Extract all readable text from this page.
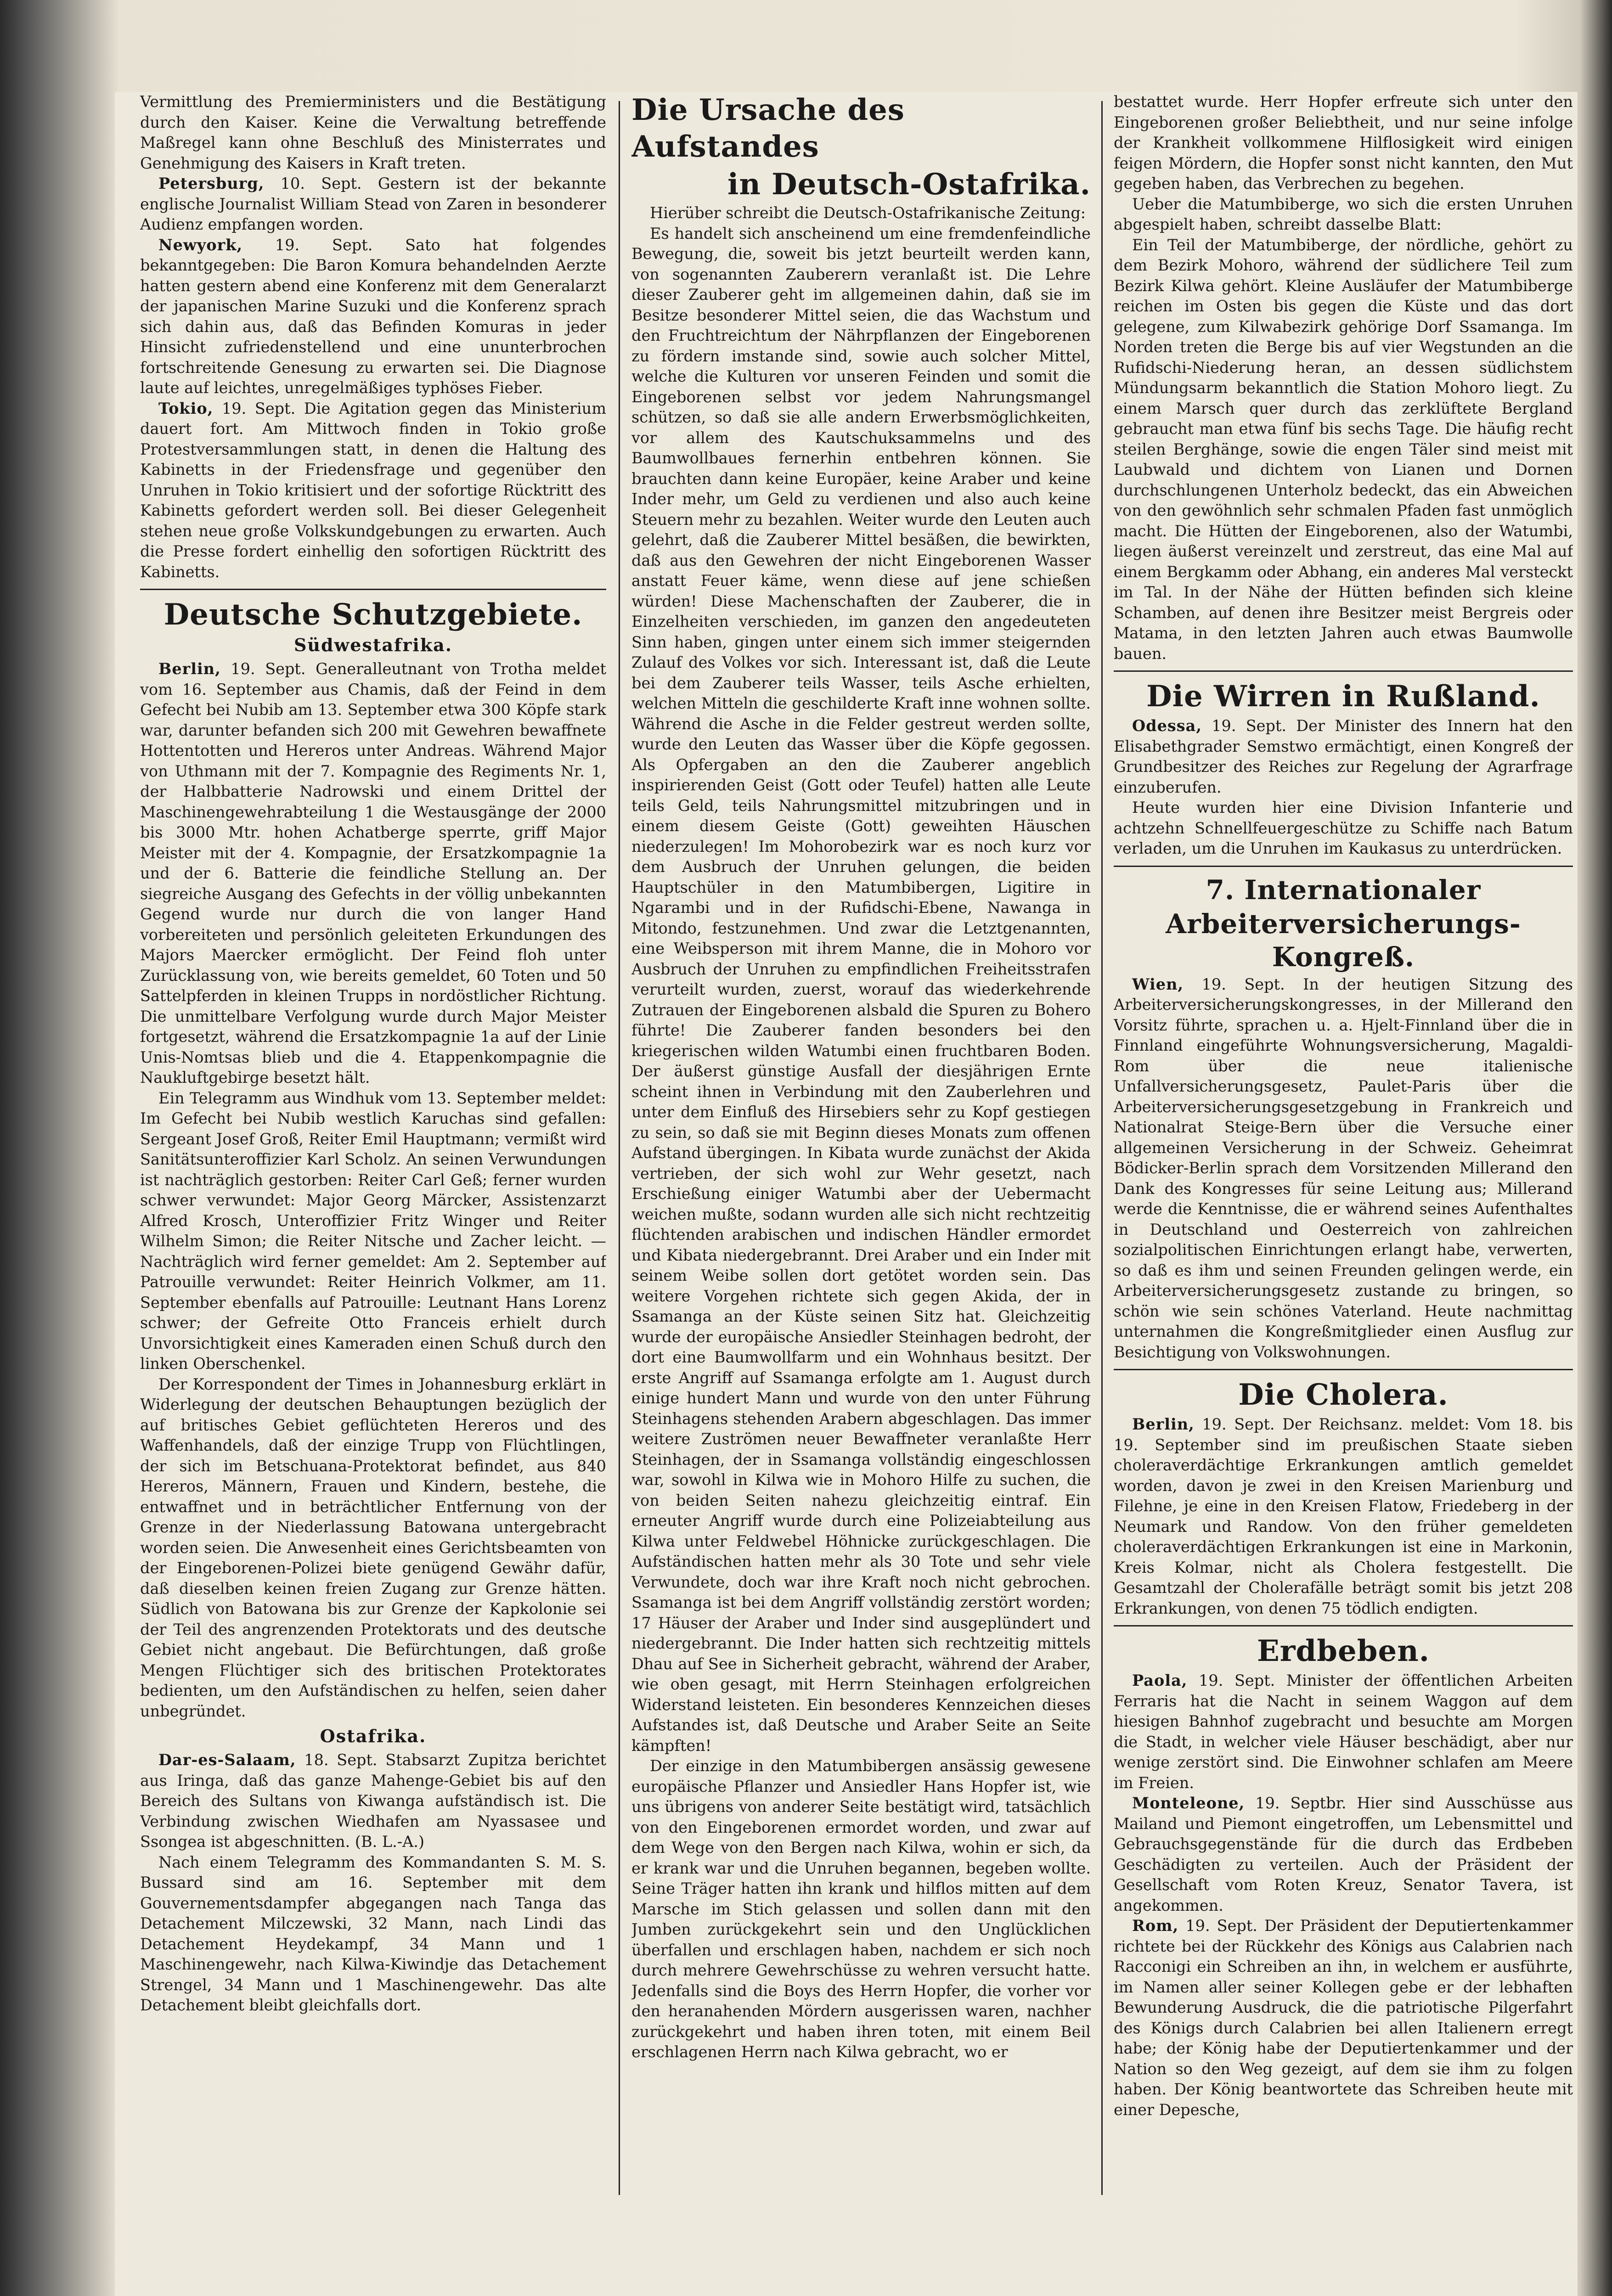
Vermittlung des Premierministers und die Bestätigung durch den Kaiser. Keine die Verwaltung betreffende Maßregel kann ohne Beschluß des Ministerrates und Genehmigung des Kaisers in Kraft treten.

Petersburg, 10. Sept. Gestern ist der bekannte englische Journalist William Stead von Zaren in besonderer Audienz empfangen worden.

Newyork, 19. Sept. Sato hat folgendes bekanntgegeben: Die Baron Komura behandelnden Aerzte hatten gestern abend eine Konferenz mit dem Generalarzt der japanischen Marine Suzuki und die Konferenz sprach sich dahin aus, daß das Befinden Komuras in jeder Hinsicht zufriedenstellend und eine ununterbrochen fortschreitende Genesung zu erwarten sei. Die Diagnose laute auf leichtes, unregelmäßiges typhöses Fieber.

Tokio, 19. Sept. Die Agitation gegen das Ministerium dauert fort. Am Mittwoch finden in Tokio große Protestversammlungen statt, in denen die Haltung des Kabinetts in der Friedensfrage und gegenüber den Unruhen in Tokio kritisiert und der sofortige Rücktritt des Kabinetts gefordert werden soll. Bei dieser Gelegenheit stehen neue große Volkskundgebungen zu erwarten. Auch die Presse fordert einhellig den sofortigen Rücktritt des Kabinetts.

Deutsche Schutzgebiete.
Südwestafrika.

Berlin, 19. Sept. Generalleutnant von Trotha meldet vom 16. September aus Chamis, daß der Feind in dem Gefecht bei Nubib am 13. September etwa 300 Köpfe stark war, darunter befanden sich 200 mit Gewehren bewaffnete Hottentotten und Hereros unter Andreas. Während Major von Uthmann mit der 7. Kompagnie des Regiments Nr. 1, der Halbbatterie Nadrowski und einem Drittel der Maschinengewehrabteilung 1 die Westausgänge der 2000 bis 3000 Mtr. hohen Achatberge sperrte, griff Major Meister mit der 4. Kompagnie, der Ersatzkompagnie 1a und der 6. Batterie die feindliche Stellung an. Der siegreiche Ausgang des Gefechts in der völlig unbekannten Gegend wurde nur durch die von langer Hand vorbereiteten und persönlich geleiteten Erkundungen des Majors Maercker ermöglicht. Der Feind floh unter Zurücklassung von, wie bereits gemeldet, 60 Toten und 50 Sattelpferden in kleinen Trupps in nordöstlicher Richtung. Die unmittelbare Verfolgung wurde durch Major Meister fortgesetzt, während die Ersatzkompagnie 1a auf der Linie Unis-Nomtsas blieb und die 4. Etappenkompagnie die Naukluftgebirge besetzt hält.

Ein Telegramm aus Windhuk vom 13. September meldet: Im Gefecht bei Nubib westlich Karuchas sind gefallen: Sergeant Josef Groß, Reiter Emil Hauptmann; vermißt wird Sanitätsunteroffizier Karl Scholz. An seinen Verwundungen ist nachträglich gestorben: Reiter Carl Geß; ferner wurden schwer verwundet: Major Georg Märcker, Assistenzarzt Alfred Krosch, Unteroffizier Fritz Winger und Reiter Wilhelm Simon; die Reiter Nitsche und Zacher leicht. — Nachträglich wird ferner gemeldet: Am 2. September auf Patrouille verwundet: Reiter Heinrich Volkmer, am 11. September ebenfalls auf Patrouille: Leutnant Hans Lorenz schwer; der Gefreite Otto Franceis erhielt durch Unvorsichtigkeit eines Kameraden einen Schuß durch den linken Oberschenkel.

Der Korrespondent der Times in Johannesburg erklärt in Widerlegung der deutschen Behauptungen bezüglich der auf britisches Gebiet geflüchteten Hereros und des Waffenhandels, daß der einzige Trupp von Flüchtlingen, der sich im Betschuana-Protektorat befindet, aus 840 Hereros, Männern, Frauen und Kindern, bestehe, die entwaffnet und in beträchtlicher Entfernung von der Grenze in der Niederlassung Batowana untergebracht worden seien. Die Anwesenheit eines Gerichtsbeamten von der Eingeborenen-Polizei biete genügend Gewähr dafür, daß dieselben keinen freien Zugang zur Grenze hätten. Südlich von Batowana bis zur Grenze der Kapkolonie sei der Teil des angrenzenden Protektorats und des deutsche Gebiet nicht angebaut. Die Befürchtungen, daß große Mengen Flüchtiger sich des britischen Protektorates bedienten, um den Aufständischen zu helfen, seien daher unbegründet.

Ostafrika.

Dar-es-Salaam, 18. Sept. Stabsarzt Zupitza berichtet aus Iringa, daß das ganze Mahenge-Gebiet bis auf den Bereich des Sultans von Kiwanga aufständisch ist. Die Verbindung zwischen Wiedhafen am Nyassasee und Ssongea ist abgeschnitten. (B. L.-A.)

Nach einem Telegramm des Kommandanten S. M. S. Bussard sind am 16. September mit dem Gouvernementsdampfer abgegangen nach Tanga das Detachement Milczewski, 32 Mann, nach Lindi das Detachement Heydekampf, 34 Mann und 1 Maschinengewehr, nach Kilwa-Kiwindje das Detachement Strengel, 34 Mann und 1 Maschinengewehr. Das alte Detachement bleibt gleichfalls dort.

Die Ursache des Aufstandes
in Deutsch-Ostafrika.

Hierüber schreibt die Deutsch-Ostafrikanische Zeitung:

Es handelt sich anscheinend um eine fremdenfeindliche Bewegung, die, soweit bis jetzt beurteilt werden kann, von sogenannten Zauberern veranlaßt ist. Die Lehre dieser Zauberer geht im allgemeinen dahin, daß sie im Besitze besonderer Mittel seien, die das Wachstum und den Fruchtreichtum der Nährpflanzen der Eingeborenen zu fördern imstande sind, sowie auch solcher Mittel, welche die Kulturen vor unseren Feinden und somit die Eingeborenen selbst vor jedem Nahrungsmangel schützen, so daß sie alle andern Erwerbsmöglichkeiten, vor allem des Kautschuksammelns und des Baumwollbaues fernerhin entbehren können. Sie brauchten dann keine Europäer, keine Araber und keine Inder mehr, um Geld zu verdienen und also auch keine Steuern mehr zu bezahlen. Weiter wurde den Leuten auch gelehrt, daß die Zauberer Mittel besäßen, die bewirkten, daß aus den Gewehren der nicht Eingeborenen Wasser anstatt Feuer käme, wenn diese auf jene schießen würden! Diese Machenschaften der Zauberer, die in Einzelheiten verschieden, im ganzen den angedeuteten Sinn haben, gingen unter einem sich immer steigernden Zulauf des Volkes vor sich. Interessant ist, daß die Leute bei dem Zauberer teils Wasser, teils Asche erhielten, welchen Mitteln die geschilderte Kraft inne wohnen sollte. Während die Asche in die Felder gestreut werden sollte, wurde den Leuten das Wasser über die Köpfe gegossen. Als Opfergaben an den die Zauberer angeblich inspirierenden Geist (Gott oder Teufel) hatten alle Leute teils Geld, teils Nahrungsmittel mitzubringen und in einem diesem Geiste (Gott) geweihten Häuschen niederzulegen! Im Mohorobezirk war es noch kurz vor dem Ausbruch der Unruhen gelungen, die beiden Hauptschüler in den Matumbibergen, Ligitire in Ngarambi und in der Rufidschi-Ebene, Nawanga in Mitondo, festzunehmen. Und zwar die Letztgenannten, eine Weibsperson mit ihrem Manne, die in Mohoro vor Ausbruch der Unruhen zu empfindlichen Freiheitsstrafen verurteilt wurden, zuerst, worauf das wiederkehrende Zutrauen der Eingeborenen alsbald die Spuren zu Bohero führte! Die Zauberer fanden besonders bei den kriegerischen wilden Watumbi einen fruchtbaren Boden. Der äußerst günstige Ausfall der diesjährigen Ernte scheint ihnen in Verbindung mit den Zauberlehren und unter dem Einfluß des Hirsebiers sehr zu Kopf gestiegen zu sein, so daß sie mit Beginn dieses Monats zum offenen Aufstand übergingen. In Kibata wurde zunächst der Akida vertrieben, der sich wohl zur Wehr gesetzt, nach Erschießung einiger Watumbi aber der Uebermacht weichen mußte, sodann wurden alle sich nicht rechtzeitig flüchtenden arabischen und indischen Händler ermordet und Kibata niedergebrannt. Drei Araber und ein Inder mit seinem Weibe sollen dort getötet worden sein. Das weitere Vorgehen richtete sich gegen Akida, der in Ssamanga an der Küste seinen Sitz hat. Gleichzeitig wurde der europäische Ansiedler Steinhagen bedroht, der dort eine Baumwollfarm und ein Wohnhaus besitzt. Der erste Angriff auf Ssamanga erfolgte am 1. August durch einige hundert Mann und wurde von den unter Führung Steinhagens stehenden Arabern abgeschlagen. Das immer weitere Zuströmen neuer Bewaffneter veranlaßte Herr Steinhagen, der in Ssamanga vollständig eingeschlossen war, sowohl in Kilwa wie in Mohoro Hilfe zu suchen, die von beiden Seiten nahezu gleichzeitig eintraf. Ein erneuter Angriff wurde durch eine Polizeiabteilung aus Kilwa unter Feldwebel Höhnicke zurückgeschlagen. Die Aufständischen hatten mehr als 30 Tote und sehr viele Verwundete, doch war ihre Kraft noch nicht gebrochen. Ssamanga ist bei dem Angriff vollständig zerstört worden; 17 Häuser der Araber und Inder sind ausgeplündert und niedergebrannt. Die Inder hatten sich rechtzeitig mittels Dhau auf See in Sicherheit gebracht, während der Araber, wie oben gesagt, mit Herrn Steinhagen erfolgreichen Widerstand leisteten. Ein besonderes Kennzeichen dieses Aufstandes ist, daß Deutsche und Araber Seite an Seite kämpften!

Der einzige in den Matumbibergen ansässig gewesene europäische Pflanzer und Ansiedler Hans Hopfer ist, wie uns übrigens von anderer Seite bestätigt wird, tatsächlich von den Eingeborenen ermordet worden, und zwar auf dem Wege von den Bergen nach Kilwa, wohin er sich, da er krank war und die Unruhen begannen, begeben wollte. Seine Träger hatten ihn krank und hilflos mitten auf dem Marsche im Stich gelassen und sollen dann mit den Jumben zurückgekehrt sein und den Unglücklichen überfallen und erschlagen haben, nachdem er sich noch durch mehrere Gewehrschüsse zu wehren versucht hatte. Jedenfalls sind die Boys des Herrn Hopfer, die vorher vor den heranahenden Mördern ausgerissen waren, nachher zurückgekehrt und haben ihren toten, mit einem Beil erschlagenen Herrn nach Kilwa gebracht, wo er

bestattet wurde. Herr Hopfer erfreute sich unter den Eingeborenen großer Beliebtheit, und nur seine infolge der Krankheit vollkommene Hilflosigkeit wird einigen feigen Mördern, die Hopfer sonst nicht kannten, den Mut gegeben haben, das Verbrechen zu begehen.

Ueber die Matumbiberge, wo sich die ersten Unruhen abgespielt haben, schreibt dasselbe Blatt:

Ein Teil der Matumbiberge, der nördliche, gehört zu dem Bezirk Mohoro, während der südlichere Teil zum Bezirk Kilwa gehört. Kleine Ausläufer der Matumbiberge reichen im Osten bis gegen die Küste und das dort gelegene, zum Kilwabezirk gehörige Dorf Ssamanga. Im Norden treten die Berge bis auf vier Wegstunden an die Rufidschi-Niederung heran, an dessen südlichstem Mündungsarm bekanntlich die Station Mohoro liegt. Zu einem Marsch quer durch das zerklüftete Bergland gebraucht man etwa fünf bis sechs Tage. Die häufig recht steilen Berghänge, sowie die engen Täler sind meist mit Laubwald und dichtem von Lianen und Dornen durchschlungenen Unterholz bedeckt, das ein Abweichen von den gewöhnlich sehr schmalen Pfaden fast unmöglich macht. Die Hütten der Eingeborenen, also der Watumbi, liegen äußerst vereinzelt und zerstreut, das eine Mal auf einem Bergkamm oder Abhang, ein anderes Mal versteckt im Tal. In der Nähe der Hütten befinden sich kleine Schamben, auf denen ihre Besitzer meist Bergreis oder Matama, in den letzten Jahren auch etwas Baumwolle bauen.

Die Wirren in Rußland.

Odessa, 19. Sept. Der Minister des Innern hat den Elisabethgrader Semstwo ermächtigt, einen Kongreß der Grundbesitzer des Reiches zur Regelung der Agrarfrage einzuberufen.

Heute wurden hier eine Division Infanterie und achtzehn Schnellfeuergeschütze zu Schiffe nach Batum verladen, um die Unruhen im Kaukasus zu unterdrücken.

7. Internationaler
Arbeiterversicherungs-Kongreß.

Wien, 19. Sept. In der heutigen Sitzung des Arbeiterversicherungskongresses, in der Millerand den Vorsitz führte, sprachen u. a. Hjelt-Finnland über die in Finnland eingeführte Wohnungsversicherung, Magaldi-Rom über die neue italienische Unfallversicherungsgesetz, Paulet-Paris über die Arbeiterversicherungsgesetzgebung in Frankreich und Nationalrat Steige-Bern über die Versuche einer allgemeinen Versicherung in der Schweiz. Geheimrat Bödicker-Berlin sprach dem Vorsitzenden Millerand den Dank des Kongresses für seine Leitung aus; Millerand werde die Kenntnisse, die er während seines Aufenthaltes in Deutschland und Oesterreich von zahlreichen sozialpolitischen Einrichtungen erlangt habe, verwerten, so daß es ihm und seinen Freunden gelingen werde, ein Arbeiterversicherungsgesetz zustande zu bringen, so schön wie sein schönes Vaterland. Heute nachmittag unternahmen die Kongreßmitglieder einen Ausflug zur Besichtigung von Volkswohnungen.

Die Cholera.

Berlin, 19. Sept. Der Reichsanz. meldet: Vom 18. bis 19. September sind im preußischen Staate sieben choleraverdächtige Erkrankungen amtlich gemeldet worden, davon je zwei in den Kreisen Marienburg und Filehne, je eine in den Kreisen Flatow, Friedeberg in der Neumark und Randow. Von den früher gemeldeten choleraverdächtigen Erkrankungen ist eine in Markonin, Kreis Kolmar, nicht als Cholera festgestellt. Die Gesamtzahl der Cholerafälle beträgt somit bis jetzt 208 Erkrankungen, von denen 75 tödlich endigten.

Erdbeben.

Paola, 19. Sept. Minister der öffentlichen Arbeiten Ferraris hat die Nacht in seinem Waggon auf dem hiesigen Bahnhof zugebracht und besuchte am Morgen die Stadt, in welcher viele Häuser beschädigt, aber nur wenige zerstört sind. Die Einwohner schlafen am Meere im Freien.

Monteleone, 19. Septbr. Hier sind Ausschüsse aus Mailand und Piemont eingetroffen, um Lebensmittel und Gebrauchsgegenstände für die durch das Erdbeben Geschädigten zu verteilen. Auch der Präsident der Gesellschaft vom Roten Kreuz, Senator Tavera, ist angekommen.

Rom, 19. Sept. Der Präsident der Deputiertenkammer richtete bei der Rückkehr des Königs aus Calabrien nach Racconigi ein Schreiben an ihn, in welchem er ausführte, im Namen aller seiner Kollegen gebe er der lebhaften Bewunderung Ausdruck, die die patriotische Pilgerfahrt des Königs durch Calabrien bei allen Italienern erregt habe; der König habe der Deputiertenkammer und der Nation so den Weg gezeigt, auf dem sie ihm zu folgen haben. Der König beantwortete das Schreiben heute mit einer Depesche,
